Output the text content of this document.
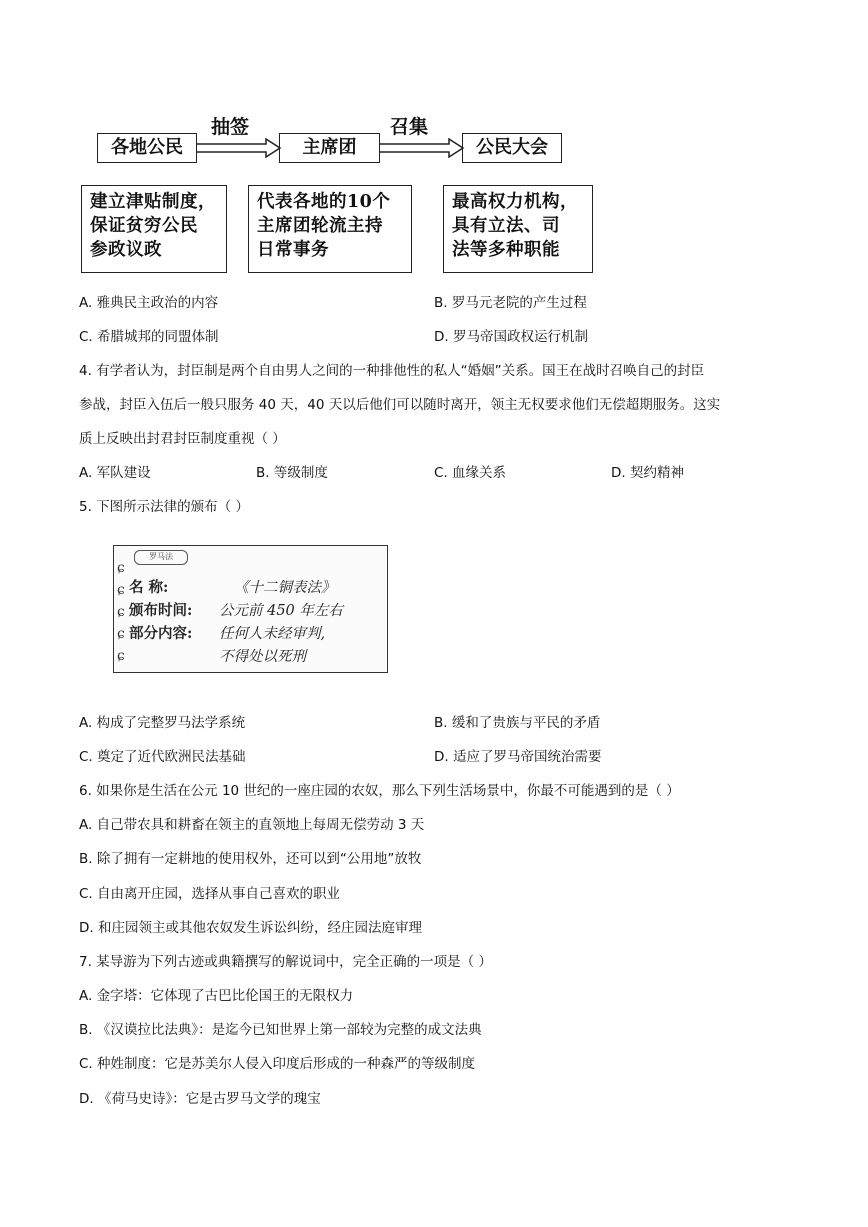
各地公民	主席团	公民大会
抽签	召集
建立津贴制度，
保证贫穷公民
参政议政
代表各地的10个
主席团轮流主持
日常事务
最高权力机构，
具有立法、司
法等多种职能
A. 雅典民主政治的内容	B. 罗马元老院的产生过程
C. 希腊城邦的同盟体制	D. 罗马帝国政权运行机制
4. 有学者认为，封臣制是两个自由男人之间的一种排他性的私人“婚姻”关系。国王在战时召唤自己的封臣
参战，封臣入伍后一般只服务 40 天，40 天以后他们可以随时离开，领主无权要求他们无偿超期服务。这实
质上反映出封君封臣制度重视（ ）
A. 军队建设	B. 等级制度	C. 血缘关系	D. 契约精神
5. 下图所示法律的颁布（ ）
罗马法
ɕ
ɕ
ɕ
ɕ
ɕ
名 称:	《十二铜表法》
颁布时间: 公元前 450 年左右
部分内容: 任何人未经审判,
不得处以死刑
A. 构成了完整罗马法学系统	B. 缓和了贵族与平民的矛盾
C. 奠定了近代欧洲民法基础	D. 适应了罗马帝国统治需要
6. 如果你是生活在公元 10 世纪的一座庄园的农奴，那么下列生活场景中，你最不可能遇到的是（ ）
A. 自己带农具和耕畜在领主的直领地上每周无偿劳动 3 天
B. 除了拥有一定耕地的使用权外，还可以到“公用地”放牧
C. 自由离开庄园，选择从事自己喜欢的职业
D. 和庄园领主或其他农奴发生诉讼纠纷，经庄园法庭审理
7. 某导游为下列古迹或典籍撰写的解说词中，完全正确的一项是（ ）
A. 金字塔：它体现了古巴比伦国王的无限权力
B. 《汉谟拉比法典》：是迄今已知世界上第一部较为完整的成文法典
C. 种姓制度：它是苏美尔人侵入印度后形成的一种森严的等级制度
D. 《荷马史诗》：它是古罗马文学的瑰宝
